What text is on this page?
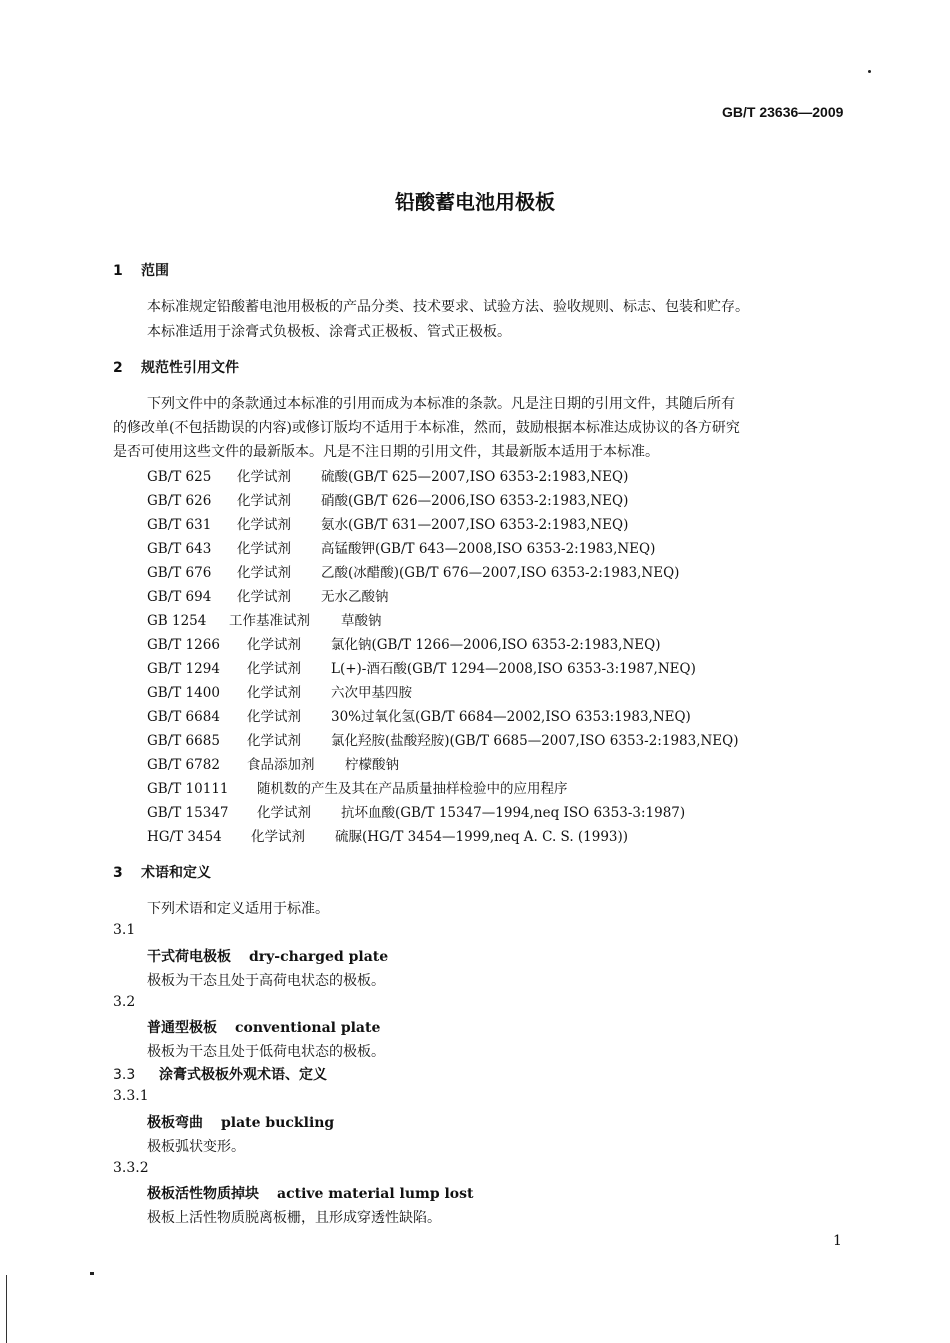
GB/T 23636—2009
铅酸蓄电池用极板
1 范围
本标准规定铅酸蓄电池用极板的产品分类、技术要求、试验方法、验收规则、标志、包装和贮存。
本标准适用于涂膏式负极板、涂膏式正极板、管式正极板。
2 规范性引用文件
下列文件中的条款通过本标准的引用而成为本标准的条款。凡是注日期的引用文件，其随后所有
的修改单(不包括勘误的内容)或修订版均不适用于本标准，然而，鼓励根据本标准达成协议的各方研究
是否可使用这些文件的最新版本。凡是不注日期的引用文件，其最新版本适用于本标准。
GB/T 625 化学试剂 硫酸(GB/T 625—2007,ISO 6353-2:1983,NEQ)
GB/T 626 化学试剂 硝酸(GB/T 626—2006,ISO 6353-2:1983,NEQ)
GB/T 631 化学试剂 氨水(GB/T 631—2007,ISO 6353-2:1983,NEQ)
GB/T 643 化学试剂 高锰酸钾(GB/T 643—2008,ISO 6353-2:1983,NEQ)
GB/T 676 化学试剂 乙酸(冰醋酸)(GB/T 676—2007,ISO 6353-2:1983,NEQ)
GB/T 694 化学试剂 无水乙酸钠
GB 1254 工作基准试剂 草酸钠
GB/T 1266 化学试剂 氯化钠(GB/T 1266—2006,ISO 6353-2:1983,NEQ)
GB/T 1294 化学试剂 L(+)-酒石酸(GB/T 1294—2008,ISO 6353-3:1987,NEQ)
GB/T 1400 化学试剂 六次甲基四胺
GB/T 6684 化学试剂 30%过氧化氢(GB/T 6684—2002,ISO 6353:1983,NEQ)
GB/T 6685 化学试剂 氯化羟胺(盐酸羟胺)(GB/T 6685—2007,ISO 6353-2:1983,NEQ)
GB/T 6782 食品添加剂 柠檬酸钠
GB/T 10111 随机数的产生及其在产品质量抽样检验中的应用程序
GB/T 15347 化学试剂 抗坏血酸(GB/T 15347—1994,neq ISO 6353-3:1987)
HG/T 3454 化学试剂 硫脲(HG/T 3454—1999,neq A. C. S. (1993))
3 术语和定义
下列术语和定义适用于标准。
3.1
干式荷电极板 dry-charged plate
极板为干态且处于高荷电状态的极板。
3.2
普通型极板 conventional plate
极板为干态且处于低荷电状态的极板。
3.3 涂膏式极板外观术语、定义
3.3.1
极板弯曲 plate buckling
极板弧状变形。
3.3.2
极板活性物质掉块 active material lump lost
极板上活性物质脱离板栅，且形成穿透性缺陷。
1
